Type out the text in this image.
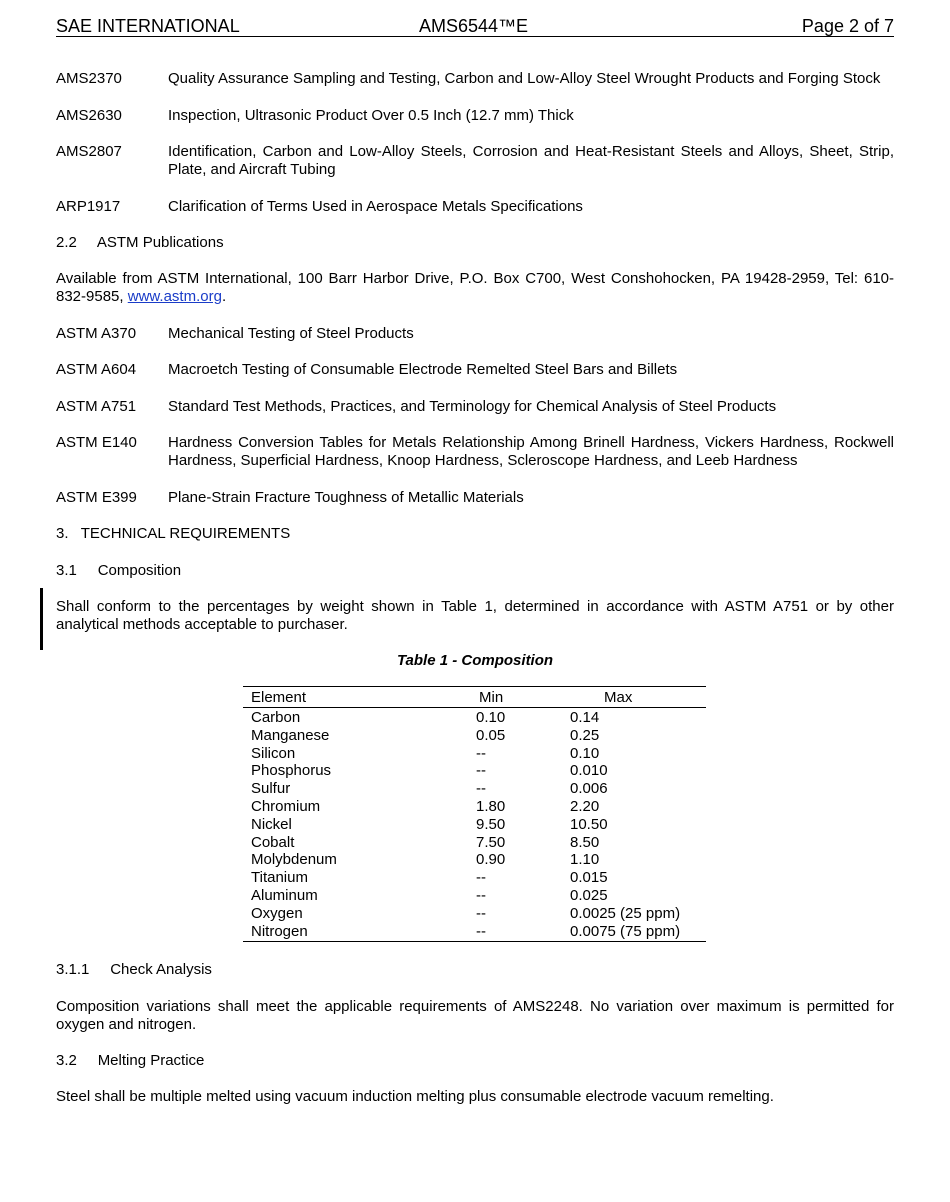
SAE INTERNATIONAL	AMS6544™E	Page 2 of 7
AMS2370	Quality Assurance Sampling and Testing, Carbon and Low-Alloy Steel Wrought Products and Forging Stock
AMS2630	Inspection, Ultrasonic Product Over 0.5 Inch (12.7 mm) Thick
AMS2807	Identification, Carbon and Low-Alloy Steels, Corrosion and Heat-Resistant Steels and Alloys, Sheet, Strip, Plate, and Aircraft Tubing
ARP1917	Clarification of Terms Used in Aerospace Metals Specifications
2.2     ASTM Publications
Available from ASTM International, 100 Barr Harbor Drive, P.O. Box C700, West Conshohocken, PA 19428-2959, Tel: 610-832-9585, www.astm.org.
ASTM A370 Mechanical Testing of Steel Products
ASTM A604 Macroetch Testing of Consumable Electrode Remelted Steel Bars and Billets
ASTM A751 Standard Test Methods, Practices, and Terminology for Chemical Analysis of Steel Products
ASTM E140 Hardness Conversion Tables for Metals Relationship Among Brinell Hardness, Vickers Hardness, Rockwell Hardness, Superficial Hardness, Knoop Hardness, Scleroscope Hardness, and Leeb Hardness
ASTM E399 Plane-Strain Fracture Toughness of Metallic Materials
3.   TECHNICAL REQUIREMENTS
3.1     Composition
Shall conform to the percentages by weight shown in Table 1, determined in accordance with ASTM A751 or by other analytical methods acceptable to purchaser.
Table 1 - Composition
Element	Min	Max
Carbon	0.10	0.14
Manganese	0.05	0.25
Silicon	--	0.10
Phosphorus	--	0.010
Sulfur	--	0.006
Chromium	1.80	2.20
Nickel	9.50	10.50
Cobalt	7.50	8.50
Molybdenum	0.90	1.10
Titanium	--	0.015
Aluminum	--	0.025
Oxygen	--	0.0025 (25 ppm)
Nitrogen	--	0.0075 (75 ppm)
3.1.1     Check Analysis
Composition variations shall meet the applicable requirements of AMS2248. No variation over maximum is permitted for oxygen and nitrogen.
3.2     Melting Practice
Steel shall be multiple melted using vacuum induction melting plus consumable electrode vacuum remelting.
